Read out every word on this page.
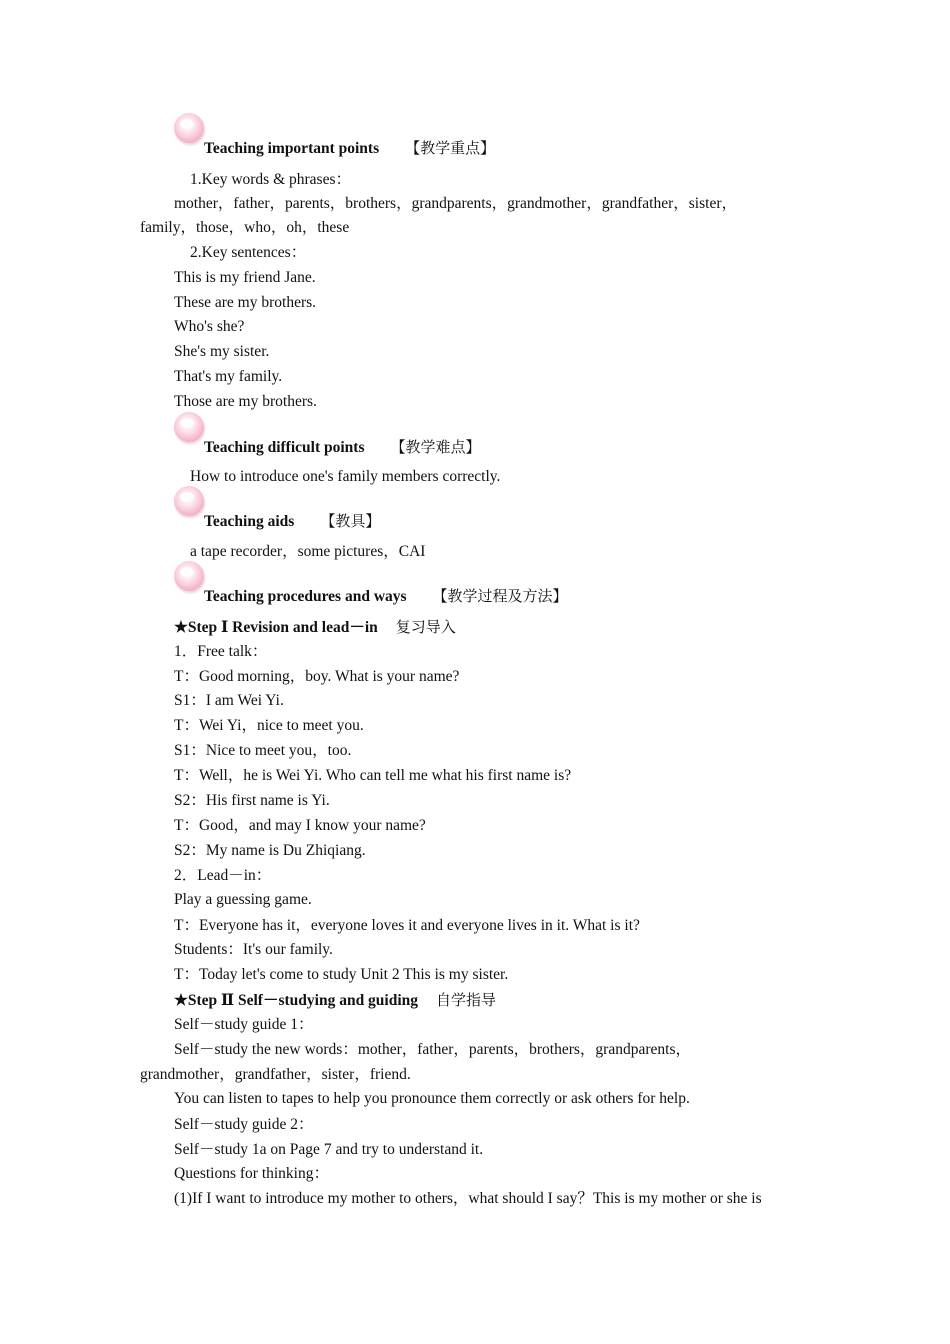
Teaching important points 【教学重点】
1.Key words & phrases：
mother，father，parents，brothers，grandparents，grandmother，grandfather，sister，
family，those，who，oh，these
2.Key sentences：
This is my friend Jane.
These are my brothers.
Who's she?
She's my sister.
That's my family.
Those are my brothers.
Teaching difficult points 【教学难点】
How to introduce one's family members correctly.
Teaching aids 【教具】
a tape recorder，some pictures，CAI
Teaching procedures and ways 【教学过程及方法】
★Step Ⅰ Revision and lead－in 复习导入
1．Free talk：
T：Good morning，boy. What is your name?
S1：I am Wei Yi.
T：Wei Yi，nice to meet you.
S1：Nice to meet you，too.
T：Well，he is Wei Yi. Who can tell me what his first name is?
S2：His first name is Yi.
T：Good，and may I know your name?
S2：My name is Du Zhiqiang.
2．Lead－in：
Play a guessing game.
T：Everyone has it，everyone loves it and everyone lives in it. What is it?
Students：It's our family.
T：Today let's come to study Unit 2 This is my sister.
★Step Ⅱ Self－studying and guiding 自学指导
Self－study guide 1：
Self－study the new words：mother，father，parents，brothers，grandparents，
grandmother，grandfather，sister，friend.
You can listen to tapes to help you pronounce them correctly or ask others for help.
Self－study guide 2：
Self－study 1a on Page 7 and try to understand it.
Questions for thinking：
(1)If I want to introduce my mother to others，what should I say？This is my mother or she is
